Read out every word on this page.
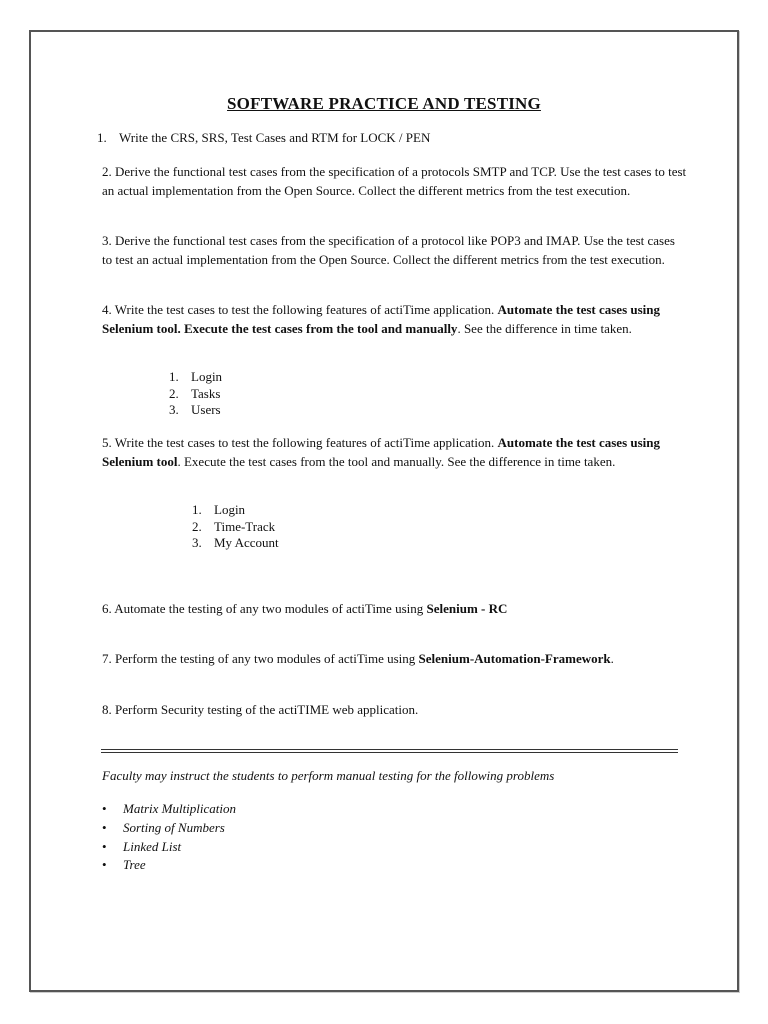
SOFTWARE PRACTICE AND TESTING
1. Write the CRS, SRS, Test Cases and RTM for LOCK / PEN

2. Derive the functional test cases from the specification of a protocols SMTP and TCP. Use the test cases to test an actual implementation from the Open Source. Collect the different metrics from the test execution.

3. Derive the functional test cases from the specification of a protocol like POP3 and IMAP. Use the test cases to test an actual implementation from the Open Source. Collect the different metrics from the test execution.

4. Write the test cases to test the following features of actiTime application. Automate the test cases using Selenium tool. Execute the test cases from the tool and manually. See the difference in time taken.

1. Login
2. Tasks
3. Users

5. Write the test cases to test the following features of actiTime application. Automate the test cases using Selenium tool. Execute the test cases from the tool and manually. See the difference in time taken.

1. Login
2. Time-Track
3. My Account
6. Automate the testing of any two modules of actiTime using Selenium - RC
7. Perform the testing of any two modules of actiTime using Selenium-Automation-Framework.
8. Perform Security testing of the actiTIME web application.
Faculty may instruct the students to perform manual testing for the following problems
• Matrix Multiplication
• Sorting of Numbers
• Linked List
• Tree
